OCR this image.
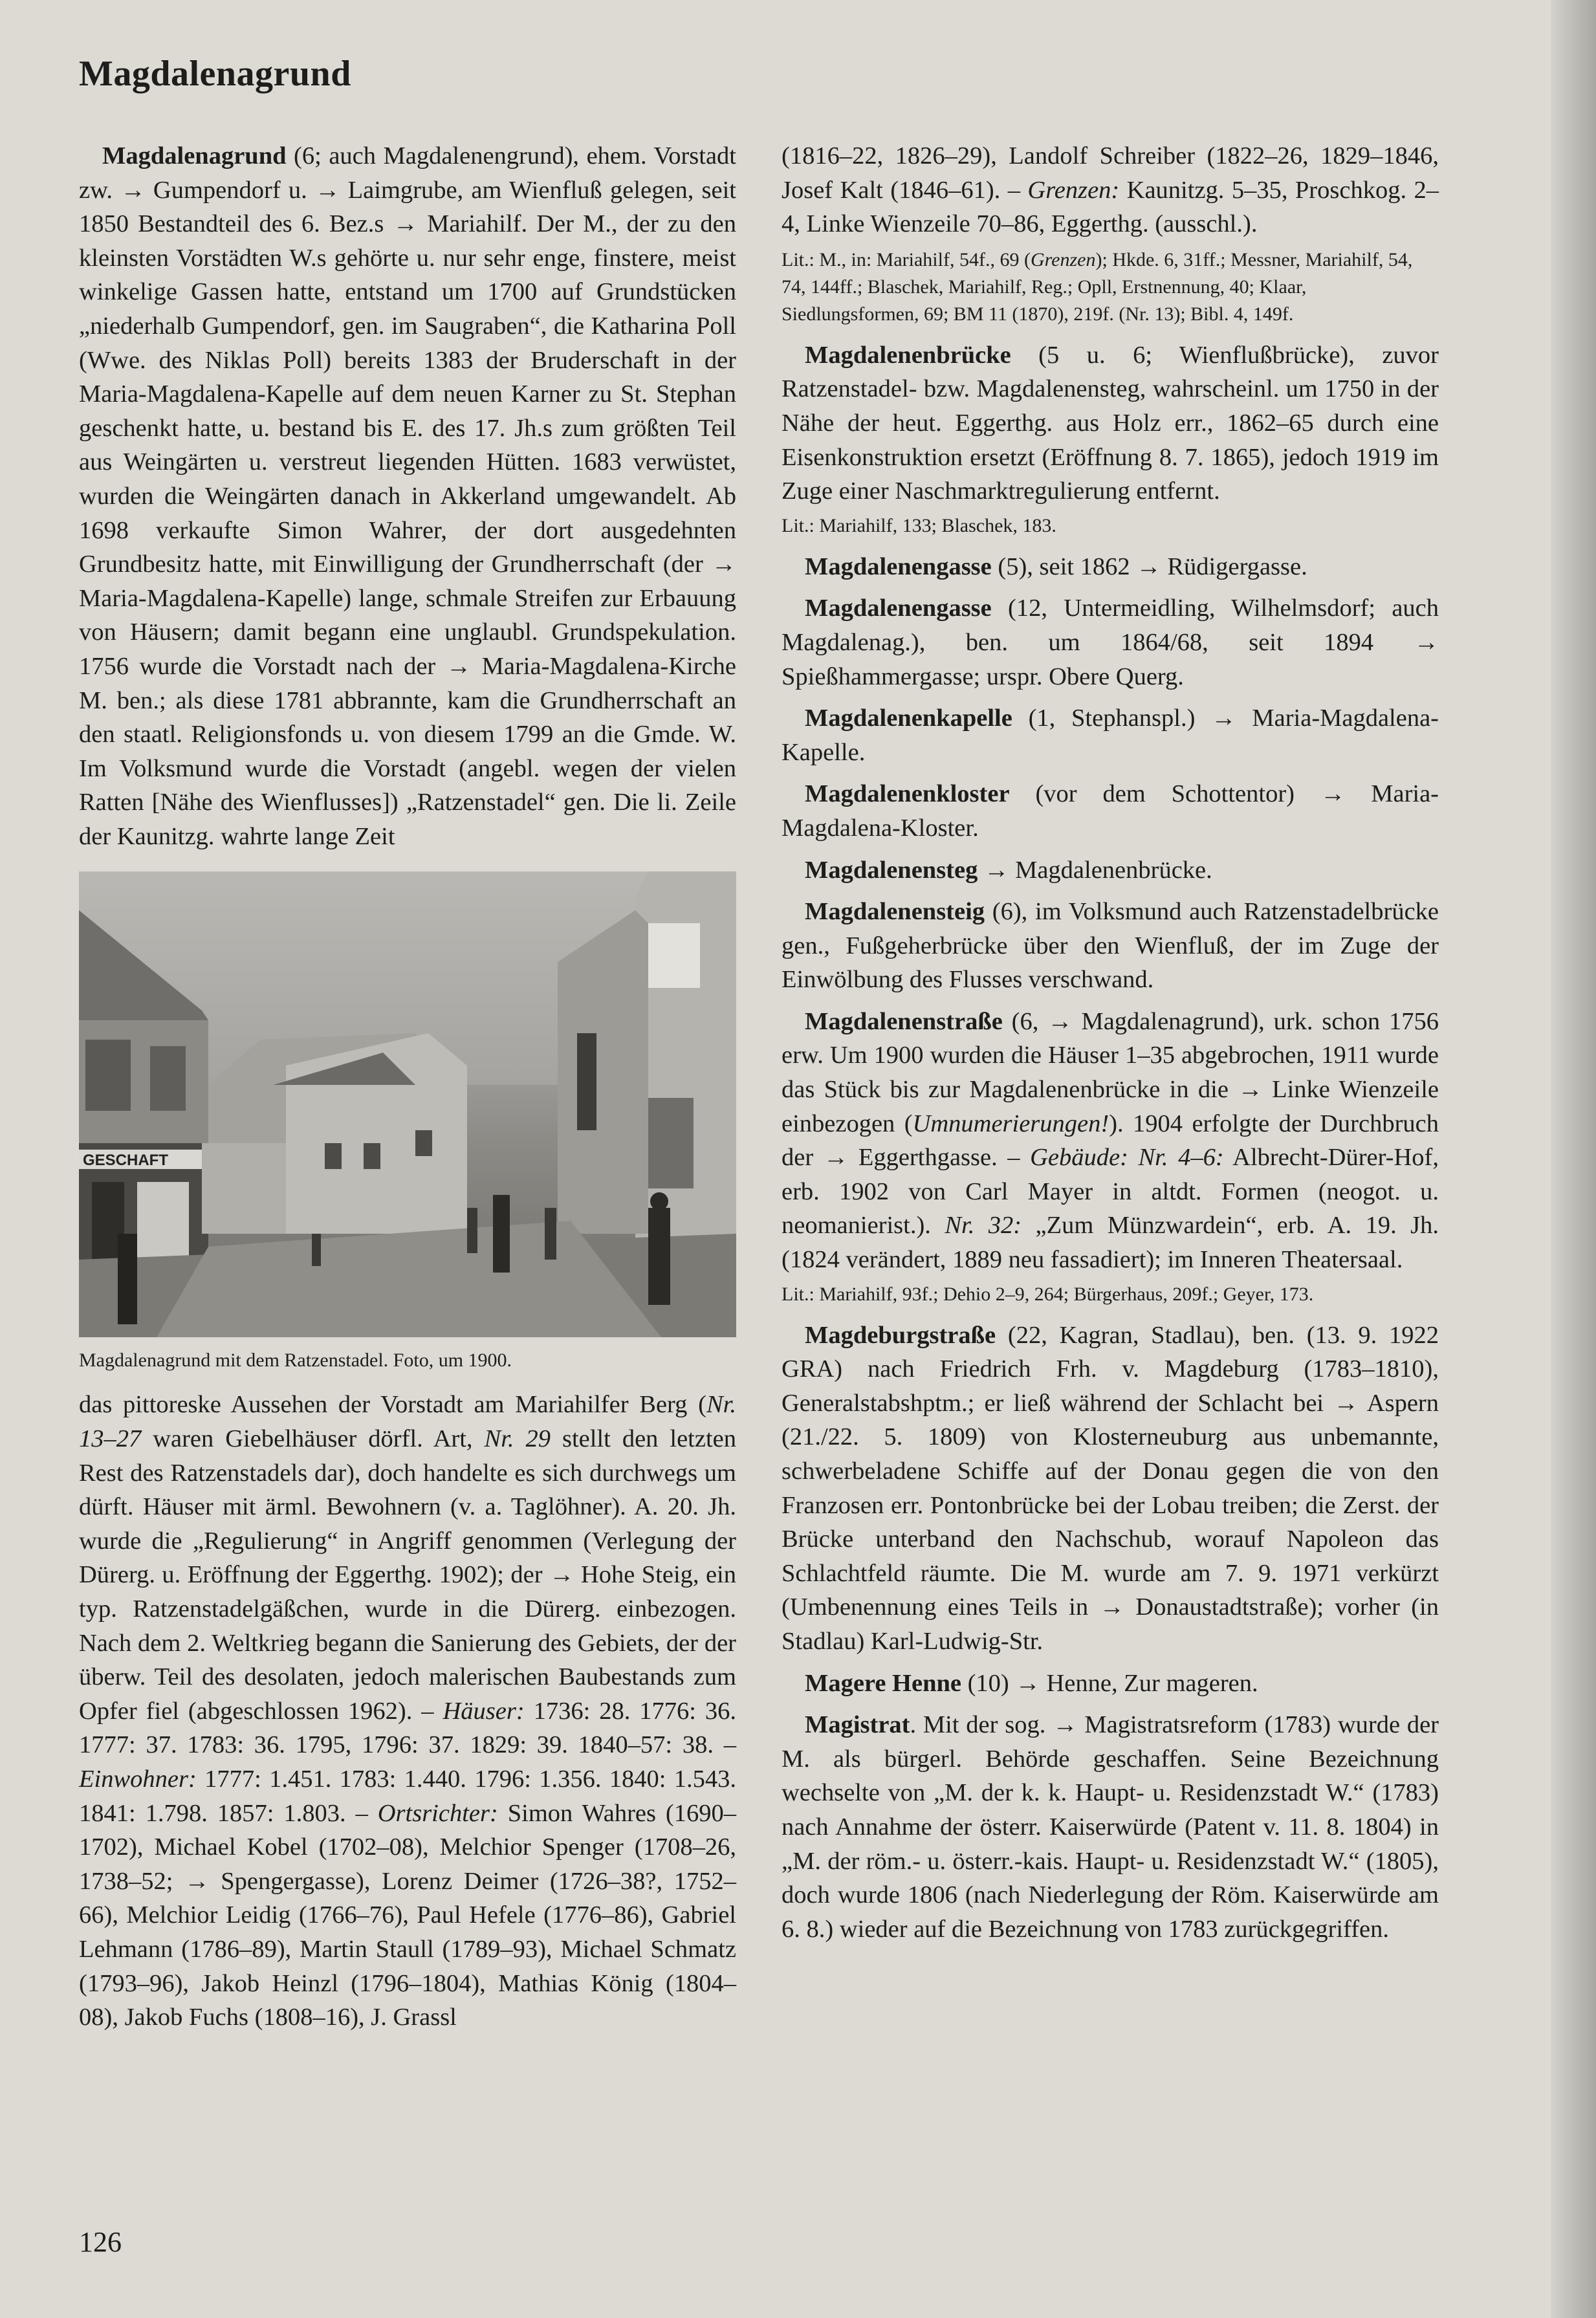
Magdalenagrund

Magdalenagrund (6; auch Magdalenengrund), ehem. Vorstadt zw. → Gumpendorf u. → Laimgrube, am Wienfluß gelegen, seit 1850 Bestandteil des 6. Bez.s → Mariahilf. Der M., der zu den kleinsten Vorstädten W.s gehörte u. nur sehr enge, finstere, meist winkelige Gassen hatte, entstand um 1700 auf Grundstücken „niederhalb Gumpendorf, gen. im Saugraben“, die Katharina Poll (Wwe. des Niklas Poll) bereits 1383 der Bruderschaft in der Maria-Magdalena-Kapelle auf dem neuen Karner zu St. Stephan geschenkt hatte, u. bestand bis E. des 17. Jh.s zum größten Teil aus Weingärten u. verstreut liegenden Hütten. 1683 verwüstet, wurden die Weingärten danach in Akkerland umgewandelt. Ab 1698 verkaufte Simon Wahrer, der dort ausgedehnten Grundbesitz hatte, mit Einwilligung der Grundherrschaft (der → Maria-Magdalena-Kapelle) lange, schmale Streifen zur Erbauung von Häusern; damit begann eine unglaubl. Grundspekulation. 1756 wurde die Vorstadt nach der → Maria-Magdalena-Kirche M. ben.; als diese 1781 abbrannte, kam die Grundherrschaft an den staatl. Religionsfonds u. von diesem 1799 an die Gmde. W. Im Volksmund wurde die Vorstadt (angebl. wegen der vielen Ratten [Nähe des Wienflusses]) „Ratzenstadel“ gen. Die li. Zeile der Kaunitzg. wahrte lange Zeit

GESCHAFT

Magdalenagrund mit dem Ratzenstadel. Foto, um 1900.

das pittoreske Aussehen der Vorstadt am Mariahilfer Berg (Nr. 13–27 waren Giebelhäuser dörfl. Art, Nr. 29 stellt den letzten Rest des Ratzenstadels dar), doch handelte es sich durchwegs um dürft. Häuser mit ärml. Bewohnern (v. a. Taglöhner). A. 20. Jh. wurde die „Regulierung“ in Angriff genommen (Verlegung der Dürerg. u. Eröffnung der Eggerthg. 1902); der → Hohe Steig, ein typ. Ratzenstadelgäßchen, wurde in die Dürerg. einbezogen. Nach dem 2. Weltkrieg begann die Sanierung des Gebiets, der der überw. Teil des desolaten, jedoch malerischen Baubestands zum Opfer fiel (abgeschlossen 1962). – Häuser: 1736: 28. 1776: 36. 1777: 37. 1783: 36. 1795, 1796: 37. 1829: 39. 1840–57: 38. – Einwohner: 1777: 1.451. 1783: 1.440. 1796: 1.356. 1840: 1.543. 1841: 1.798. 1857: 1.803. – Ortsrichter: Simon Wahres (1690–1702), Michael Kobel (1702–08), Melchior Spenger (1708–26, 1738–52; → Spengergasse), Lorenz Deimer (1726–38?, 1752–66), Melchior Leidig (1766–76), Paul Hefele (1776–86), Gabriel Lehmann (1786–89), Martin Staull (1789–93), Michael Schmatz (1793–96), Jakob Heinzl (1796–1804), Mathias König (1804–08), Jakob Fuchs (1808–16), J. Grassl

(1816–22, 1826–29), Landolf Schreiber (1822–26, 1829–1846, Josef Kalt (1846–61). – Grenzen: Kaunitzg. 5–35, Proschkog. 2–4, Linke Wienzeile 70–86, Eggerthg. (ausschl.).

Lit.: M., in: Mariahilf, 54f., 69 (Grenzen); Hkde. 6, 31ff.; Messner, Mariahilf, 54, 74, 144ff.; Blaschek, Mariahilf, Reg.; Opll, Erstnennung, 40; Klaar, Siedlungsformen, 69; BM 11 (1870), 219f. (Nr. 13); Bibl. 4, 149f.

Magdalenenbrücke (5 u. 6; Wienflußbrücke), zuvor Ratzenstadel- bzw. Magdalenensteg, wahrscheinl. um 1750 in der Nähe der heut. Eggerthg. aus Holz err., 1862–65 durch eine Eisenkonstruktion ersetzt (Eröffnung 8. 7. 1865), jedoch 1919 im Zuge einer Naschmarktregulierung entfernt.

Lit.: Mariahilf, 133; Blaschek, 183.

Magdalenengasse (5), seit 1862 → Rüdigergasse.

Magdalenengasse (12, Untermeidling, Wilhelmsdorf; auch Magdalenag.), ben. um 1864/68, seit 1894 → Spießhammergasse; urspr. Obere Querg.

Magdalenenkapelle (1, Stephanspl.) → Maria-Magdalena-Kapelle.

Magdalenenkloster (vor dem Schottentor) → Maria-Magdalena-Kloster.

Magdalenensteg → Magdalenenbrücke.

Magdalenensteig (6), im Volksmund auch Ratzenstadelbrücke gen., Fußgeherbrücke über den Wienfluß, der im Zuge der Einwölbung des Flusses verschwand.

Magdalenenstraße (6, → Magdalenagrund), urk. schon 1756 erw. Um 1900 wurden die Häuser 1–35 abgebrochen, 1911 wurde das Stück bis zur Magdalenenbrücke in die → Linke Wienzeile einbezogen (Umnumerierungen!). 1904 erfolgte der Durchbruch der → Eggerthgasse. – Gebäude: Nr. 4–6: Albrecht-Dürer-Hof, erb. 1902 von Carl Mayer in altdt. Formen (neogot. u. neomanierist.). Nr. 32: „Zum Münzwardein“, erb. A. 19. Jh. (1824 verändert, 1889 neu fassadiert); im Inneren Theatersaal.

Lit.: Mariahilf, 93f.; Dehio 2–9, 264; Bürgerhaus, 209f.; Geyer, 173.

Magdeburgstraße (22, Kagran, Stadlau), ben. (13. 9. 1922 GRA) nach Friedrich Frh. v. Magdeburg (1783–1810), Generalstabshptm.; er ließ während der Schlacht bei → Aspern (21./22. 5. 1809) von Klosterneuburg aus unbemannte, schwerbeladene Schiffe auf der Donau gegen die von den Franzosen err. Pontonbrücke bei der Lobau treiben; die Zerst. der Brücke unterband den Nachschub, worauf Napoleon das Schlachtfeld räumte. Die M. wurde am 7. 9. 1971 verkürzt (Umbenennung eines Teils in → Donaustadtstraße); vorher (in Stadlau) Karl-Ludwig-Str.

Magere Henne (10) → Henne, Zur mageren.

Magistrat. Mit der sog. → Magistratsreform (1783) wurde der M. als bürgerl. Behörde geschaffen. Seine Bezeichnung wechselte von „M. der k. k. Haupt- u. Residenzstadt W.“ (1783) nach Annahme der österr. Kaiserwürde (Patent v. 11. 8. 1804) in „M. der röm.- u. österr.-kais. Haupt- u. Residenzstadt W.“ (1805), doch wurde 1806 (nach Niederlegung der Röm. Kaiserwürde am 6. 8.) wieder auf die Bezeichnung von 1783 zurückgegriffen.

126
